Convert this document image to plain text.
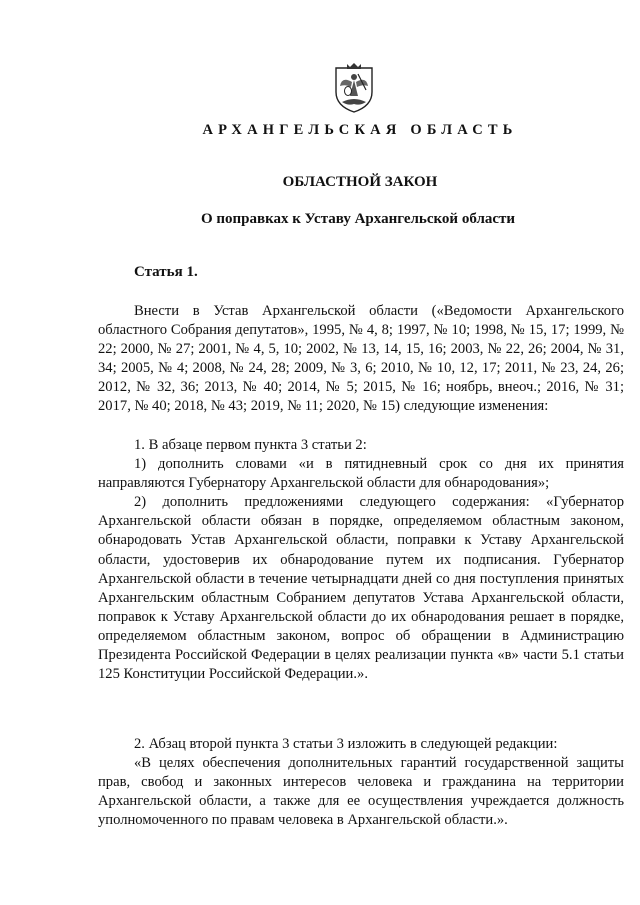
АРХАНГЕЛЬСКАЯ ОБЛАСТЬ
ОБЛАСТНОЙ ЗАКОН
О поправках к Уставу Архангельской области
Статья 1.

Внести в Устав Архангельской области («Ведомости Архангельского областного Собрания депутатов», 1995, № 4, 8; 1997, № 10; 1998, № 15, 17; 1999, № 22; 2000, № 27; 2001, № 4, 5, 10; 2002, № 13, 14, 15, 16; 2003, № 22, 26; 2004, № 31, 34; 2005, № 4; 2008, № 24, 28; 2009, № 3, 6; 2010, № 10, 12, 17; 2011, № 23, 24, 26; 2012, № 32, 36; 2013, № 40; 2014, № 5; 2015, № 16; ноябрь, внеоч.; 2016, № 31; 2017, № 40; 2018, № 43; 2019, № 11; 2020, № 15) следующие изменения:

1. В абзаце первом пункта 3 статьи 2:

1) дополнить словами «и в пятидневный срок со дня их принятия направляются Губернатору Архангельской области для обнародования»;

2) дополнить предложениями следующего содержания: «Губернатор Архангельской области обязан в порядке, определяемом областным законом, обнародовать Устав Архангельской области, поправки к Уставу Архангельской области, удостоверив их обнародование путем их подписания. Губернатор Архангельской области в течение четырнадцати дней со дня поступления принятых Архангельским областным Собранием депутатов Устава Архангельской области, поправок к Уставу Архангельской области до их обнародования решает в порядке, определяемом областным законом, вопрос об обращении в Администрацию Президента Российской Федерации в целях реализации пункта «в» части 5.1 статьи 125 Конституции Российской Федерации.».

2. Абзац второй пункта 3 статьи 3 изложить в следующей редакции:

«В целях обеспечения дополнительных гарантий государственной защиты прав, свобод и законных интересов человека и гражданина на территории Архангельской области, а также для ее осуществления учреждается должность уполномоченного по правам человека в Архангельской области.».
